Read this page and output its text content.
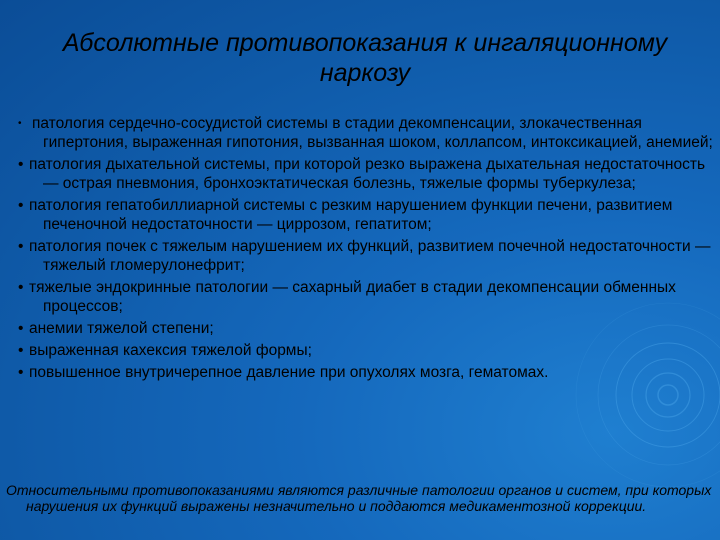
Абсолютные противопоказания к ингаляционному наркозу
• патология сердечно-сосудистой системы в стадии декомпенсации, злокачественная гипертония, выраженная гипотония, вызванная шоком, коллапсом, интоксикацией, анемией;
• патология дыхательной системы, при которой резко выражена дыхательная недостаточность — острая пневмония, бронхоэктатическая болезнь, тяжелые формы туберкулеза;
• патология гепатобиллиарной системы с резким нарушением функции печени, развитием печеночной недостаточности — циррозом, гепатитом;
• патология почек с тяжелым нарушением их функций, развитием почечной недостаточности — тяжелый гломерулонефрит;
• тяжелые эндокринные патологии — сахарный диабет в стадии декомпенсации обменных процессов;
• анемии тяжелой степени;
• выраженная кахексия тяжелой формы;
• повышенное внутричерепное давление при опухолях мозга, гематомах.
Относительными противопоказаниями являются различные патологии органов и систем, при которых нарушения их функций выражены незначительно и поддаются медикаментозной коррекции.
